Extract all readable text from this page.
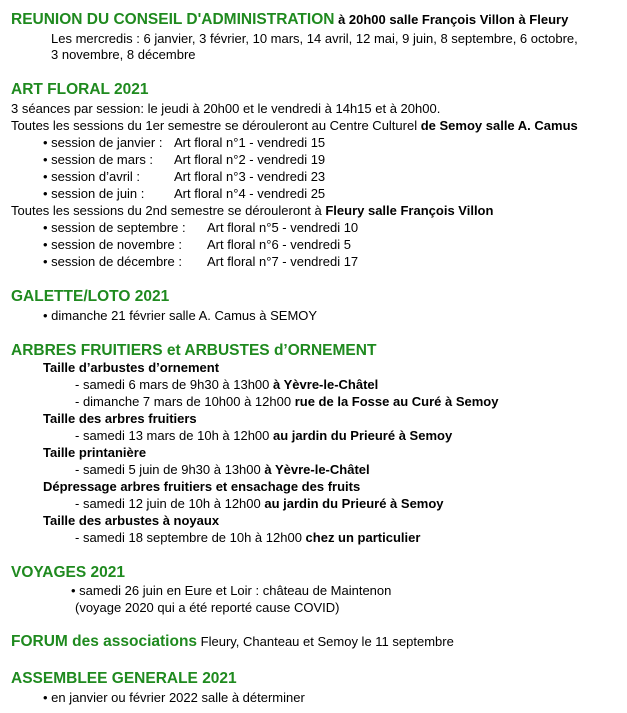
REUNION DU CONSEIL D'ADMINISTRATION à 20h00 salle François Villon à Fleury
Les mercredis : 6 janvier, 3 février, 10 mars, 14 avril, 12 mai, 9 juin, 8 septembre, 6 octobre,
3 novembre, 8 décembre
ART FLORAL 2021
3 séances par session: le jeudi à 20h00 et le vendredi à 14h15 et à 20h00.
Toutes les sessions du 1er semestre se dérouleront au Centre Culturel de Semoy salle A. Camus
• session de janvier : Art floral n°1 - vendredi 15
• session de mars : Art floral n°2 - vendredi 19
• session d’avril :	Art floral n°3 - vendredi 23
• session de juin : Art floral n°4 - vendredi 25
Toutes les sessions du 2nd semestre se dérouleront à Fleury salle François Villon
• session de septembre : Art floral n°5 - vendredi 10
• session de novembre : Art floral n°6 - vendredi 5
• session de décembre : Art floral n°7 - vendredi 17
GALETTE/LOTO 2021
• dimanche 21 février salle A. Camus à SEMOY
ARBRES FRUITIERS et ARBUSTES d’ORNEMENT
Taille d’arbustes d’ornement
- samedi 6 mars de 9h30 à 13h00 à Yèvre-le-Châtel
- dimanche 7 mars de 10h00 à 12h00 rue de la Fosse au Curé à Semoy
Taille des arbres fruitiers
- samedi 13 mars de 10h à 12h00 au jardin du Prieuré à Semoy
Taille printanière
- samedi 5 juin de 9h30 à 13h00 à Yèvre-le-Châtel
Dépressage arbres fruitiers et ensachage des fruits
- samedi 12 juin de 10h à 12h00 au jardin du Prieuré à Semoy
Taille des arbustes à noyaux
- samedi 18 septembre de 10h à 12h00 chez un particulier
VOYAGES 2021
• samedi 26 juin en Eure et Loir : château de Maintenon
(voyage 2020 qui a été reporté cause COVID)
FORUM des associations Fleury, Chanteau et Semoy le 11 septembre
ASSEMBLEE GENERALE 2021
• en janvier ou février 2022 salle à déterminer
